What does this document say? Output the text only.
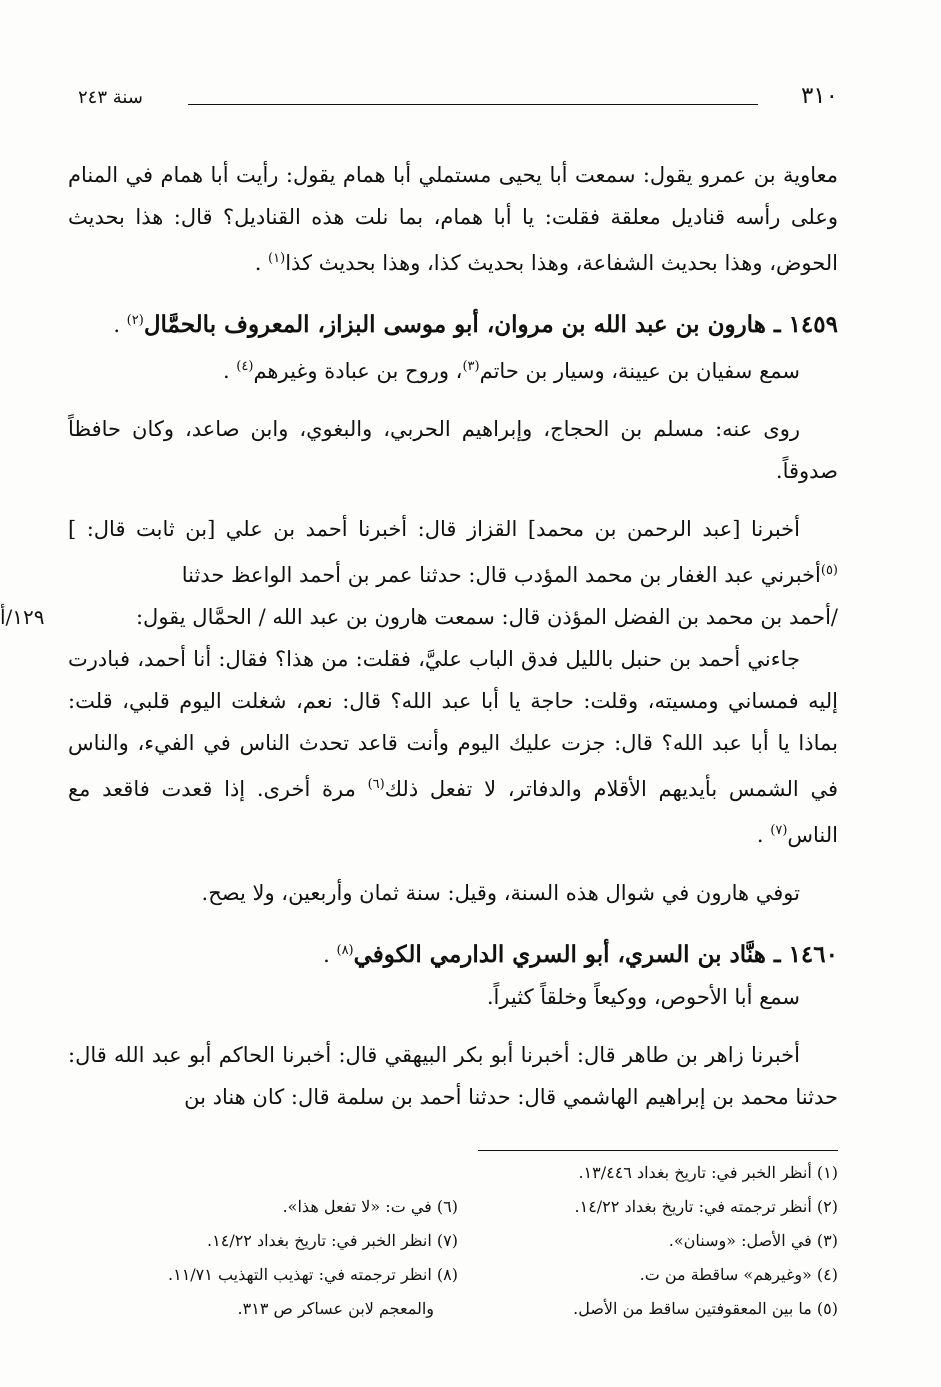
٣١٠
سنة ٢٤٣

معاوية بن عمرو يقول: سمعت أبا يحيى مستملي أبا همام يقول: رأيت أبا همام في المنام وعلى رأسه قناديل معلقة فقلت: يا أبا همام، بما نلت هذه القناديل؟ قال: هذا بحديث الحوض، وهذا بحديث الشفاعة، وهذا بحديث كذا، وهذا بحديث كذا$^{(١)}$ .

١٤٥٩ ـ هارون بن عبد الله بن مروان، أبو موسى البزاز، المعروف بالحمَّال$^{(٢)}$ .

سمع سفيان بن عيينة، وسيار بن حاتم$^{(٣)}$، وروح بن عبادة وغيرهم$^{(٤)}$ .

روى عنه: مسلم بن الحجاج، وإبراهيم الحربي، والبغوي، وابن صاعد، وكان حافظاً صدوقاً.

أخبرنا [عبد الرحمن بن محمد] القزاز قال: أخبرنا أحمد بن علي [بن ثابت قال: ]$^{(٥)}$أخبرني عبد الغفار بن محمد المؤدب قال: حدثنا عمر بن أحمد الواعظ حدثنا

١٢٩/أ	/أحمد بن محمد بن الفضل المؤذن قال: سمعت هارون بن عبد الله / الحمَّال يقول:

جاءني أحمد بن حنبل بالليل فدق الباب عليَّ، فقلت: من هذا؟ فقال: أنا أحمد، فبادرت إليه فمساني ومسيته، وقلت: حاجة يا أبا عبد الله؟ قال: نعم، شغلت اليوم قلبي، قلت: بماذا يا أبا عبد الله؟ قال: جزت عليك اليوم وأنت قاعد تحدث الناس في الفيء، والناس في الشمس بأيديهم الأقلام والدفاتر، لا تفعل ذلك$^{(٦)}$ مرة أخرى. إذا قعدت فاقعد مع الناس$^{(٧)}$ .

توفي هارون في شوال هذه السنة، وقيل: سنة ثمان وأربعين، ولا يصح.

١٤٦٠ ـ هنَّاد بن السري، أبو السري الدارمي الكوفي$^{(٨)}$ .

سمع أبا الأحوص، ووكيعاً وخلقاً كثيراً.

أخبرنا زاهر بن طاهر قال: أخبرنا أبو بكر البيهقي قال: أخبرنا الحاكم أبو عبد الله قال: حدثنا محمد بن إبراهيم الهاشمي قال: حدثنا أحمد بن سلمة قال: كان هناد بن

(١) أنظر الخبر في: تاريخ بغداد ١٣/٤٤٦.
(٢) أنظر ترجمته في: تاريخ بغداد ١٤/٢٢.
(٣) في الأصل: «وسنان».
(٤) «وغيرهم» ساقطة من ت.
(٥) ما بين المعقوفتين ساقط من الأصل.
(٦) في ت: «لا تفعل هذا».
(٧) انظر الخبر في: تاريخ بغداد ١٤/٢٢.
(٨) انظر ترجمته في: تهذيب التهذيب ١١/٧١.
والمعجم لابن عساكر ص ٣١٣.
